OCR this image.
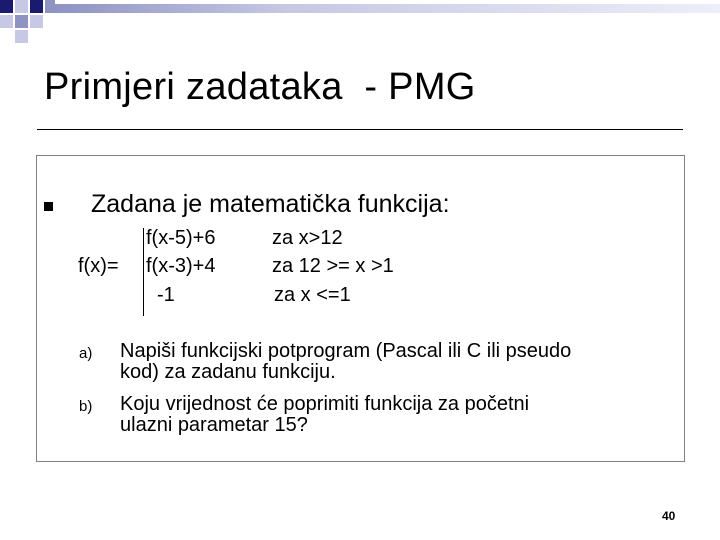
Primjeri zadataka  - PMG
Zadana je matematička funkcija:
f(x-5)+6	za x>12
f(x)= f(x-3)+4	za 12 >= x >1
-1	za x <=1
a) Napiši funkcijski potprogram (Pascal ili C ili pseudo
kod) za zadanu funkciju.
b) Koju vrijednost će poprimiti funkcija za početni
ulazni parametar 15?
40
